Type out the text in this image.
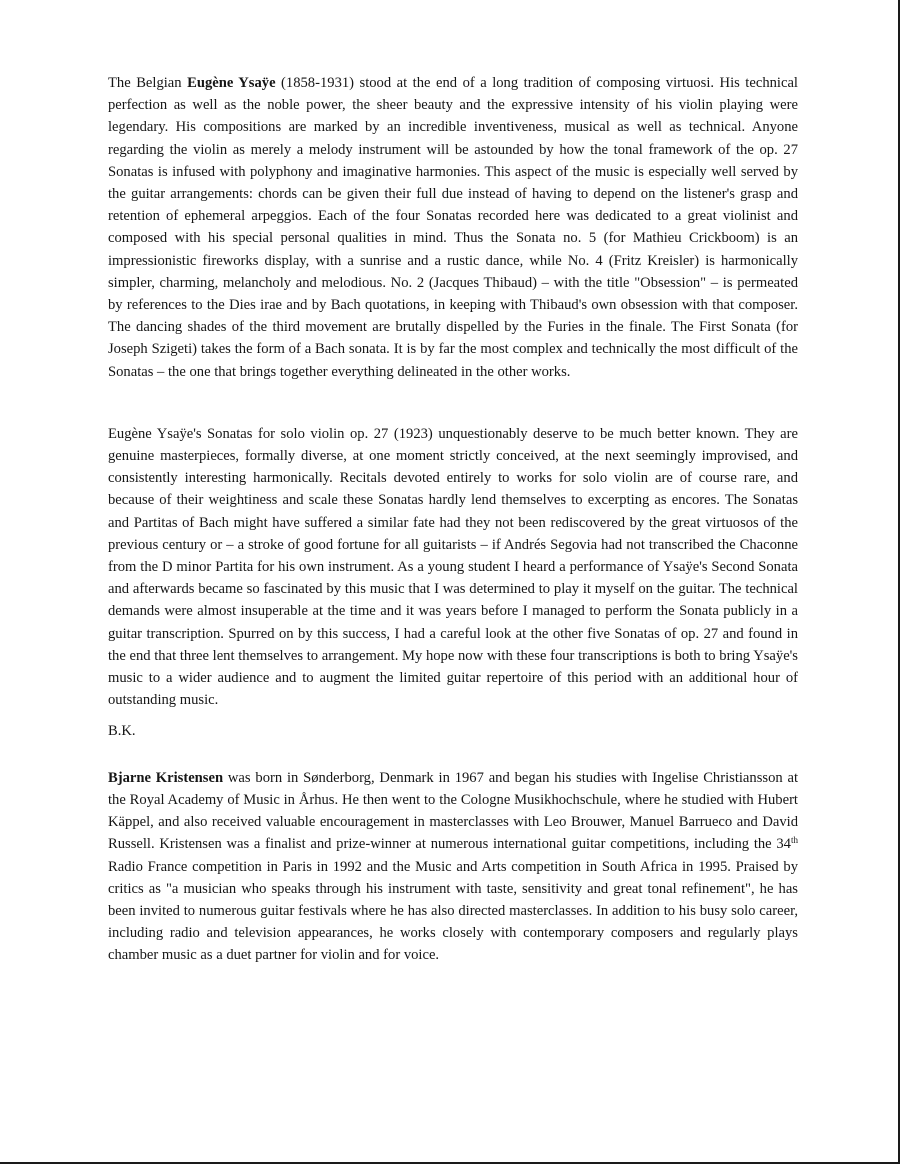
The Belgian Eugène Ysaÿe (1858-1931) stood at the end of a long tradition of composing virtuosi. His technical perfection as well as the noble power, the sheer beauty and the expressive intensity of his violin playing were legendary. His compositions are marked by an incredible inventiveness, musical as well as technical. Anyone regarding the violin as merely a melody instrument will be astounded by how the tonal framework of the op. 27 Sonatas is infused with polyphony and imaginative harmonies. This aspect of the music is especially well served by the guitar arrangements: chords can be given their full due instead of having to depend on the listener's grasp and retention of ephemeral arpeggios. Each of the four Sonatas recorded here was dedicated to a great violinist and composed with his special personal qualities in mind. Thus the Sonata no. 5 (for Mathieu Crickboom) is an impressionistic fireworks display, with a sunrise and a rustic dance, while No. 4 (Fritz Kreisler) is harmonically simpler, charming, melancholy and melodious. No. 2 (Jacques Thibaud) – with the title "Obsession" – is permeated by references to the Dies irae and by Bach quotations, in keeping with Thibaud's own obsession with that composer. The dancing shades of the third movement are brutally dispelled by the Furies in the finale. The First Sonata (for Joseph Szigeti) takes the form of a Bach sonata. It is by far the most complex and technically the most difficult of the Sonatas – the one that brings together everything delineated in the other works.

Eugène Ysaÿe's Sonatas for solo violin op. 27 (1923) unquestionably deserve to be much better known. They are genuine masterpieces, formally diverse, at one moment strictly conceived, at the next seemingly improvised, and consistently interesting harmonically. Recitals devoted entirely to works for solo violin are of course rare, and because of their weightiness and scale these Sonatas hardly lend themselves to excerpting as encores. The Sonatas and Partitas of Bach might have suffered a similar fate had they not been rediscovered by the great virtuosos of the previous century or – a stroke of good fortune for all guitarists – if Andrés Segovia had not transcribed the Chaconne from the D minor Partita for his own instrument. As a young student I heard a performance of Ysaÿe's Second Sonata and afterwards became so fascinated by this music that I was determined to play it myself on the guitar. The technical demands were almost insuperable at the time and it was years before I managed to perform the Sonata publicly in a guitar transcription. Spurred on by this success, I had a careful look at the other five Sonatas of op. 27 and found in the end that three lent themselves to arrangement. My hope now with these four transcriptions is both to bring Ysaÿe's music to a wider audience and to augment the limited guitar repertoire of this period with an additional hour of outstanding music.

B.K.

Bjarne Kristensen was born in Sønderborg, Denmark in 1967 and began his studies with Ingelise Christiansson at the Royal Academy of Music in Århus. He then went to the Cologne Musikhochschule, where he studied with Hubert Käppel, and also received valuable encouragement in masterclasses with Leo Brouwer, Manuel Barrueco and David Russell. Kristensen was a finalist and prize-winner at numerous international guitar competitions, including the 34th Radio France competition in Paris in 1992 and the Music and Arts competition in South Africa in 1995. Praised by critics as "a musician who speaks through his instrument with taste, sensitivity and great tonal refinement", he has been invited to numerous guitar festivals where he has also directed masterclasses. In addition to his busy solo career, including radio and television appearances, he works closely with contemporary composers and regularly plays chamber music as a duet partner for violin and for voice.
